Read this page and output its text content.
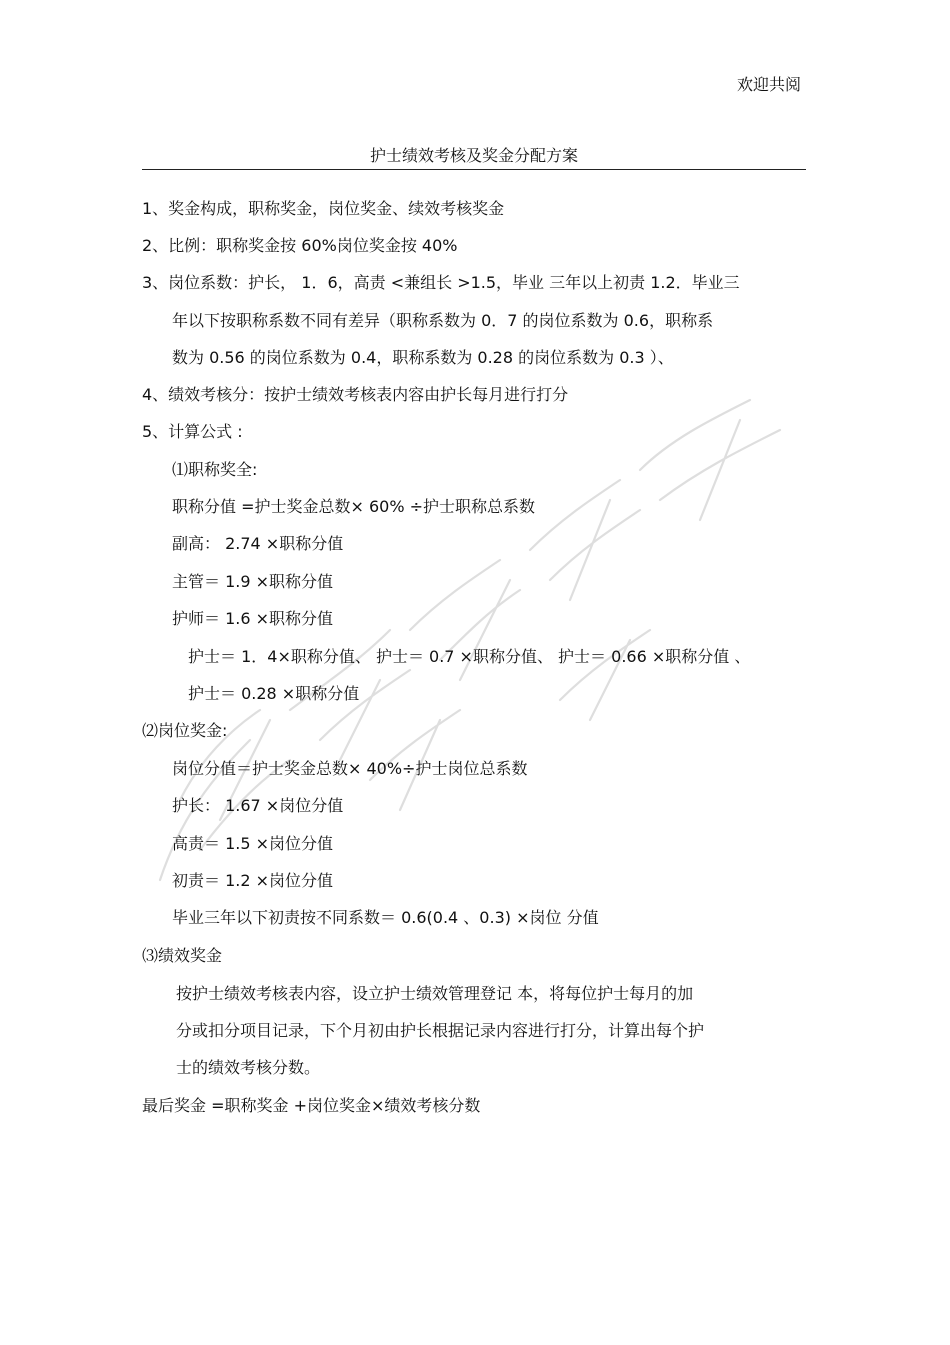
欢迎共阅
护士绩效考核及奖金分配方案
1、奖金构成，职称奖金，岗位奖金、续效考核奖金
2、比例：职称奖金按 60%岗位奖金按 40%
3、岗位系数：护长， 1．6，高责 <兼组长 >1.5，毕业 三年以上初责 1.2．毕业三
年以下按职称系数不同有差异（职称系数为 0．7 的岗位系数为 0.6，职称系
数为 0.56 的岗位系数为 0.4，职称系数为 0.28 的岗位系数为 0.3 ）、
4、绩效考核分：按护士绩效考核表内容由护长每月进行打分
5、计算公式 :
⑴职称奖全:
职称分值 =护士奖金总数× 60% ÷护士职称总系数
副高： 2.74 ×职称分值
主管＝ 1.9 ×职称分值
护师＝ 1.6 ×职称分值
护士＝ 1．4×职称分值、 护士＝ 0.7 ×职称分值、 护士＝ 0.66 ×职称分值 、
护士＝ 0.28 ×职称分值
⑵岗位奖金:
岗位分值＝护士奖金总数× 40%÷护士岗位总系数
护长： 1.67 ×岗位分值
高责＝ 1.5 ×岗位分值
初责＝ 1.2 ×岗位分值
毕业三年以下初责按不同系数＝ 0.6(0.4 、0.3) ×岗位 分值
⑶绩效奖金
按护士绩效考核表内容，设立护士绩效管理登记 本，将每位护士每月的加
分或扣分项目记录，下个月初由护长根据记录内容进行打分，计算出每个护
士的绩效考核分数。
最后奖金 =职称奖金 +岗位奖金×绩效考核分数
